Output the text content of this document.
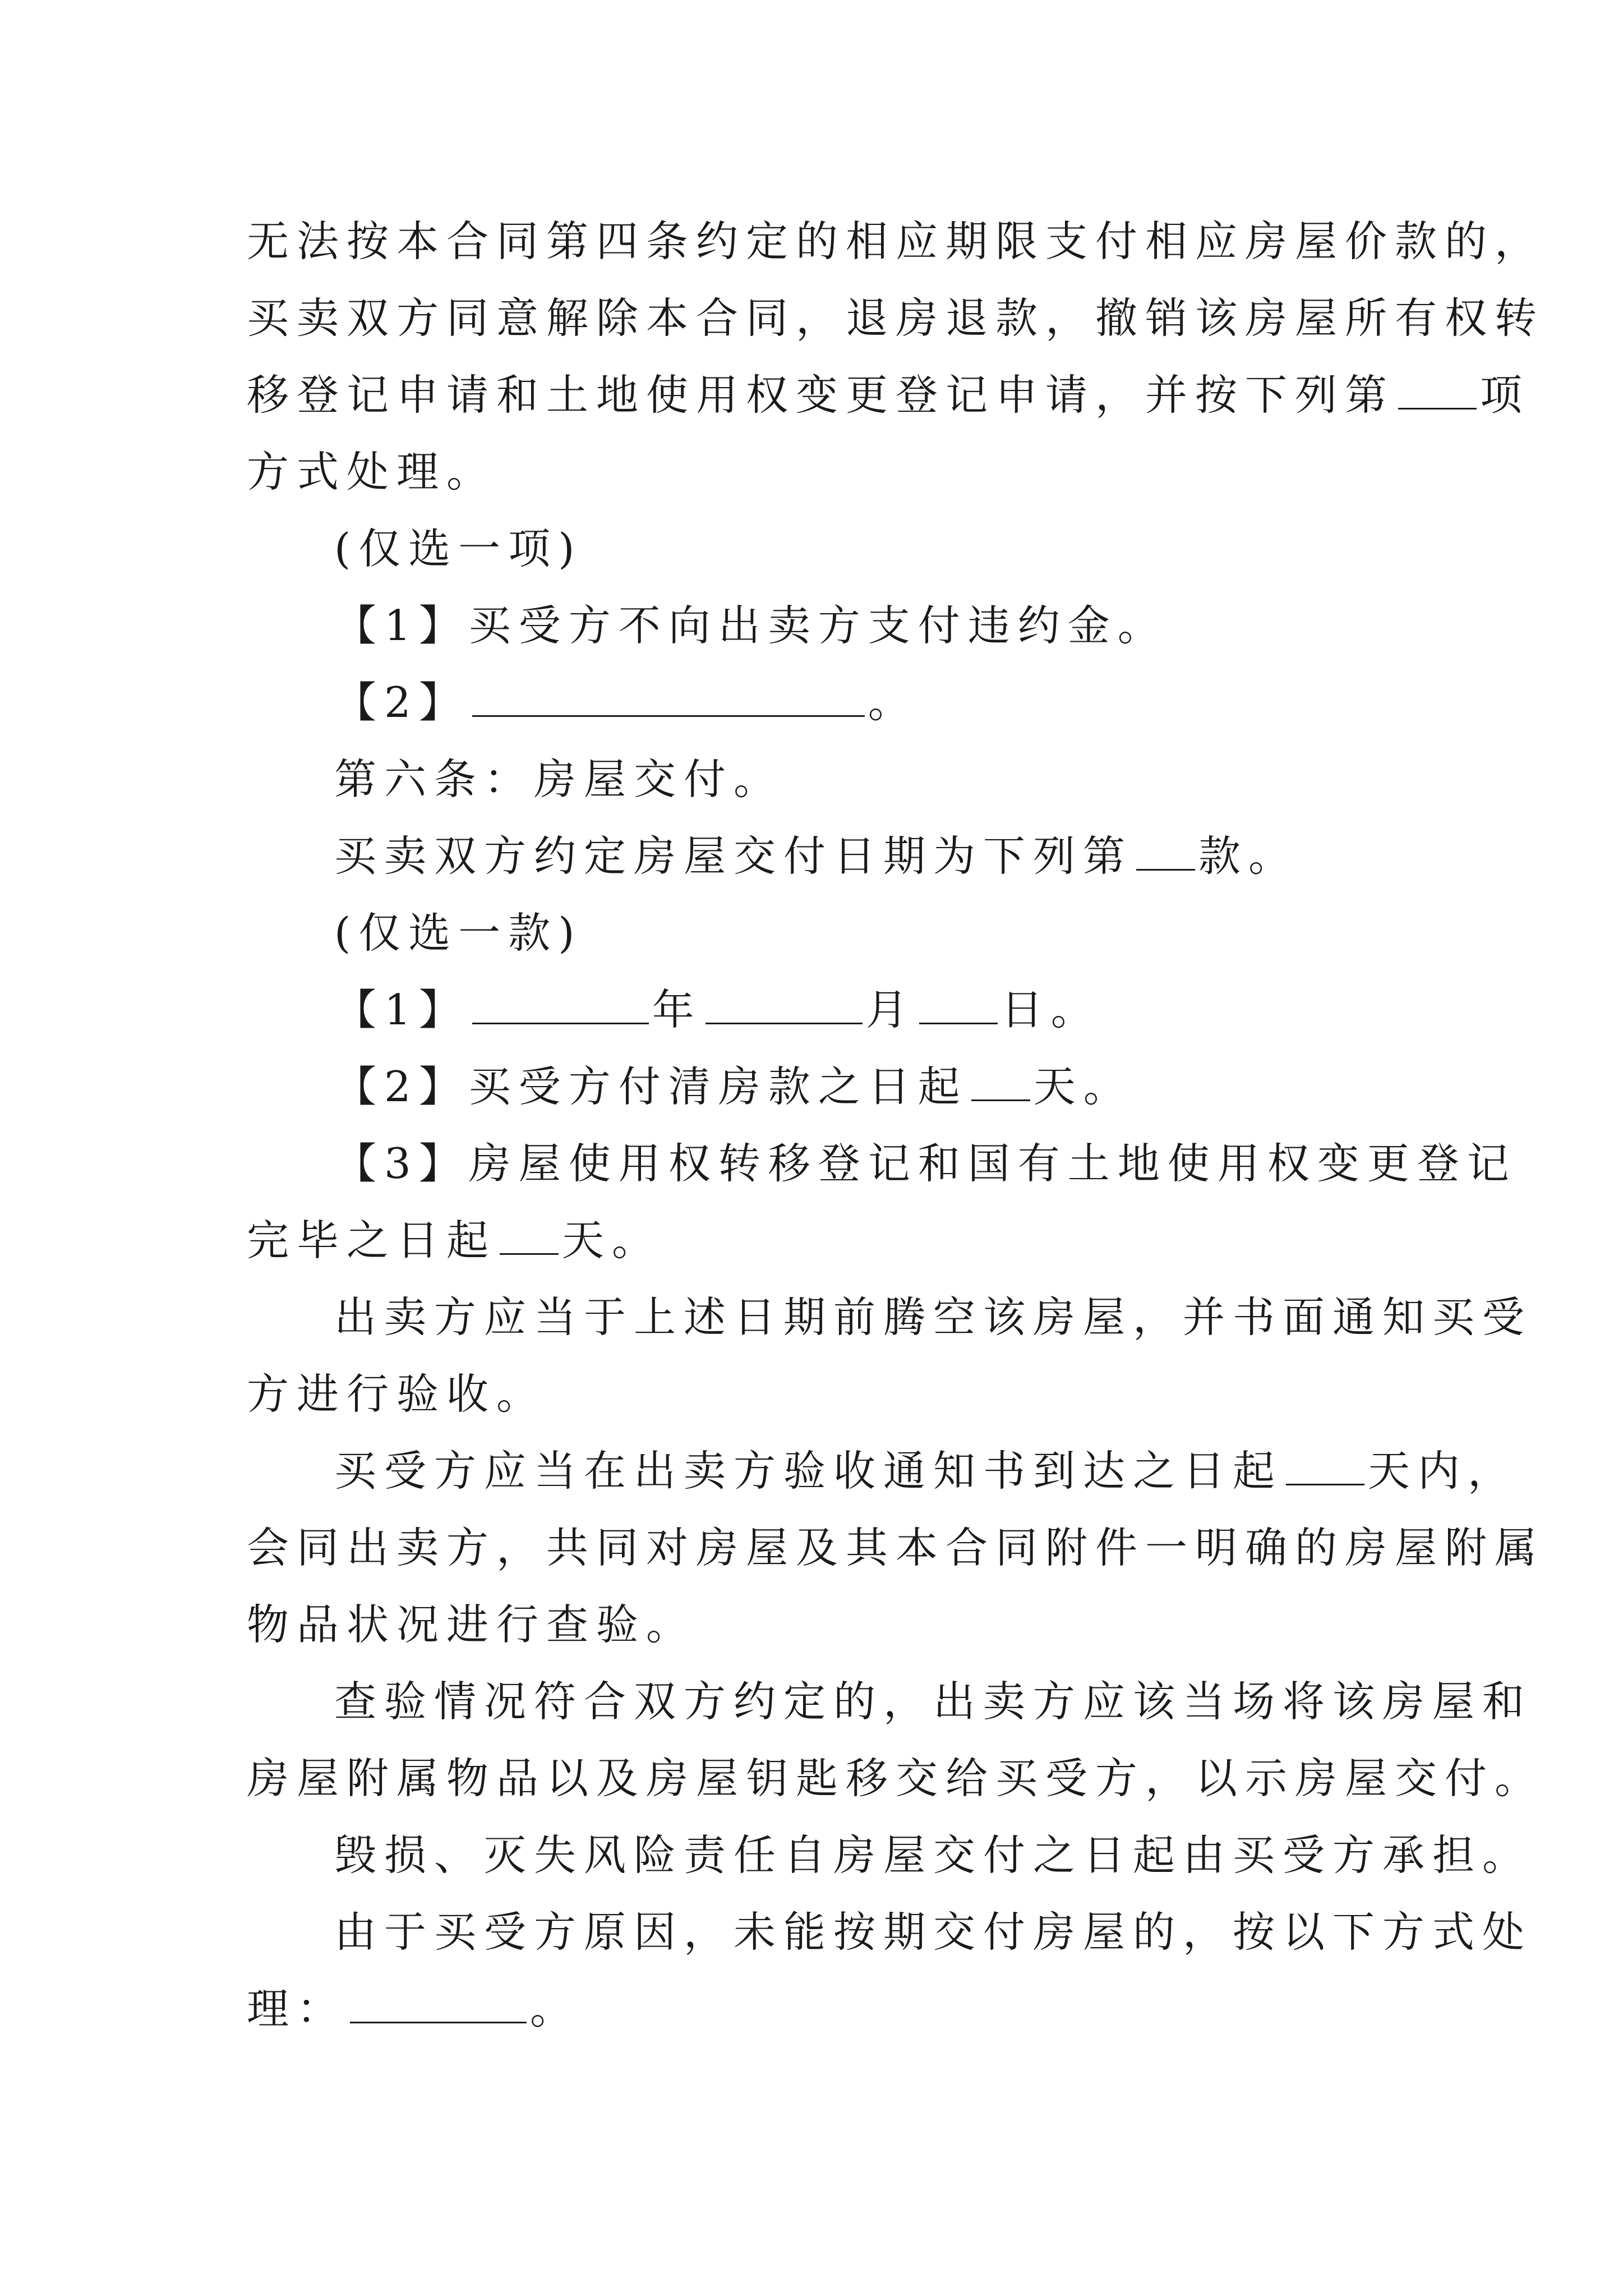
无法按本合同第四条约定的相应期限支付相应房屋价款的，
买卖双方同意解除本合同，退房退款，撤销该房屋所有权转
移登记申请和土地使用权变更登记申请，并按下列第 项
方式处理。
(仅选一项)
【1】买受方不向出卖方支付违约金。
【2】	。
第六条：房屋交付。
买卖双方约定房屋交付日期为下列第 款。
(仅选一款)
【1】	年	月 日。
【2】买受方付清房款之日起 天。
【3】房屋使用权转移登记和国有土地使用权变更登记
完毕之日起 天。
出卖方应当于上述日期前腾空该房屋，并书面通知买受
方进行验收。
买受方应当在出卖方验收通知书到达之日起 天内，
会同出卖方，共同对房屋及其本合同附件一明确的房屋附属
物品状况进行查验。
查验情况符合双方约定的，出卖方应该当场将该房屋和
房屋附属物品以及房屋钥匙移交给买受方，以示房屋交付。
毁损、灭失风险责任自房屋交付之日起由买受方承担。
由于买受方原因，未能按期交付房屋的，按以下方式处
理：	。
